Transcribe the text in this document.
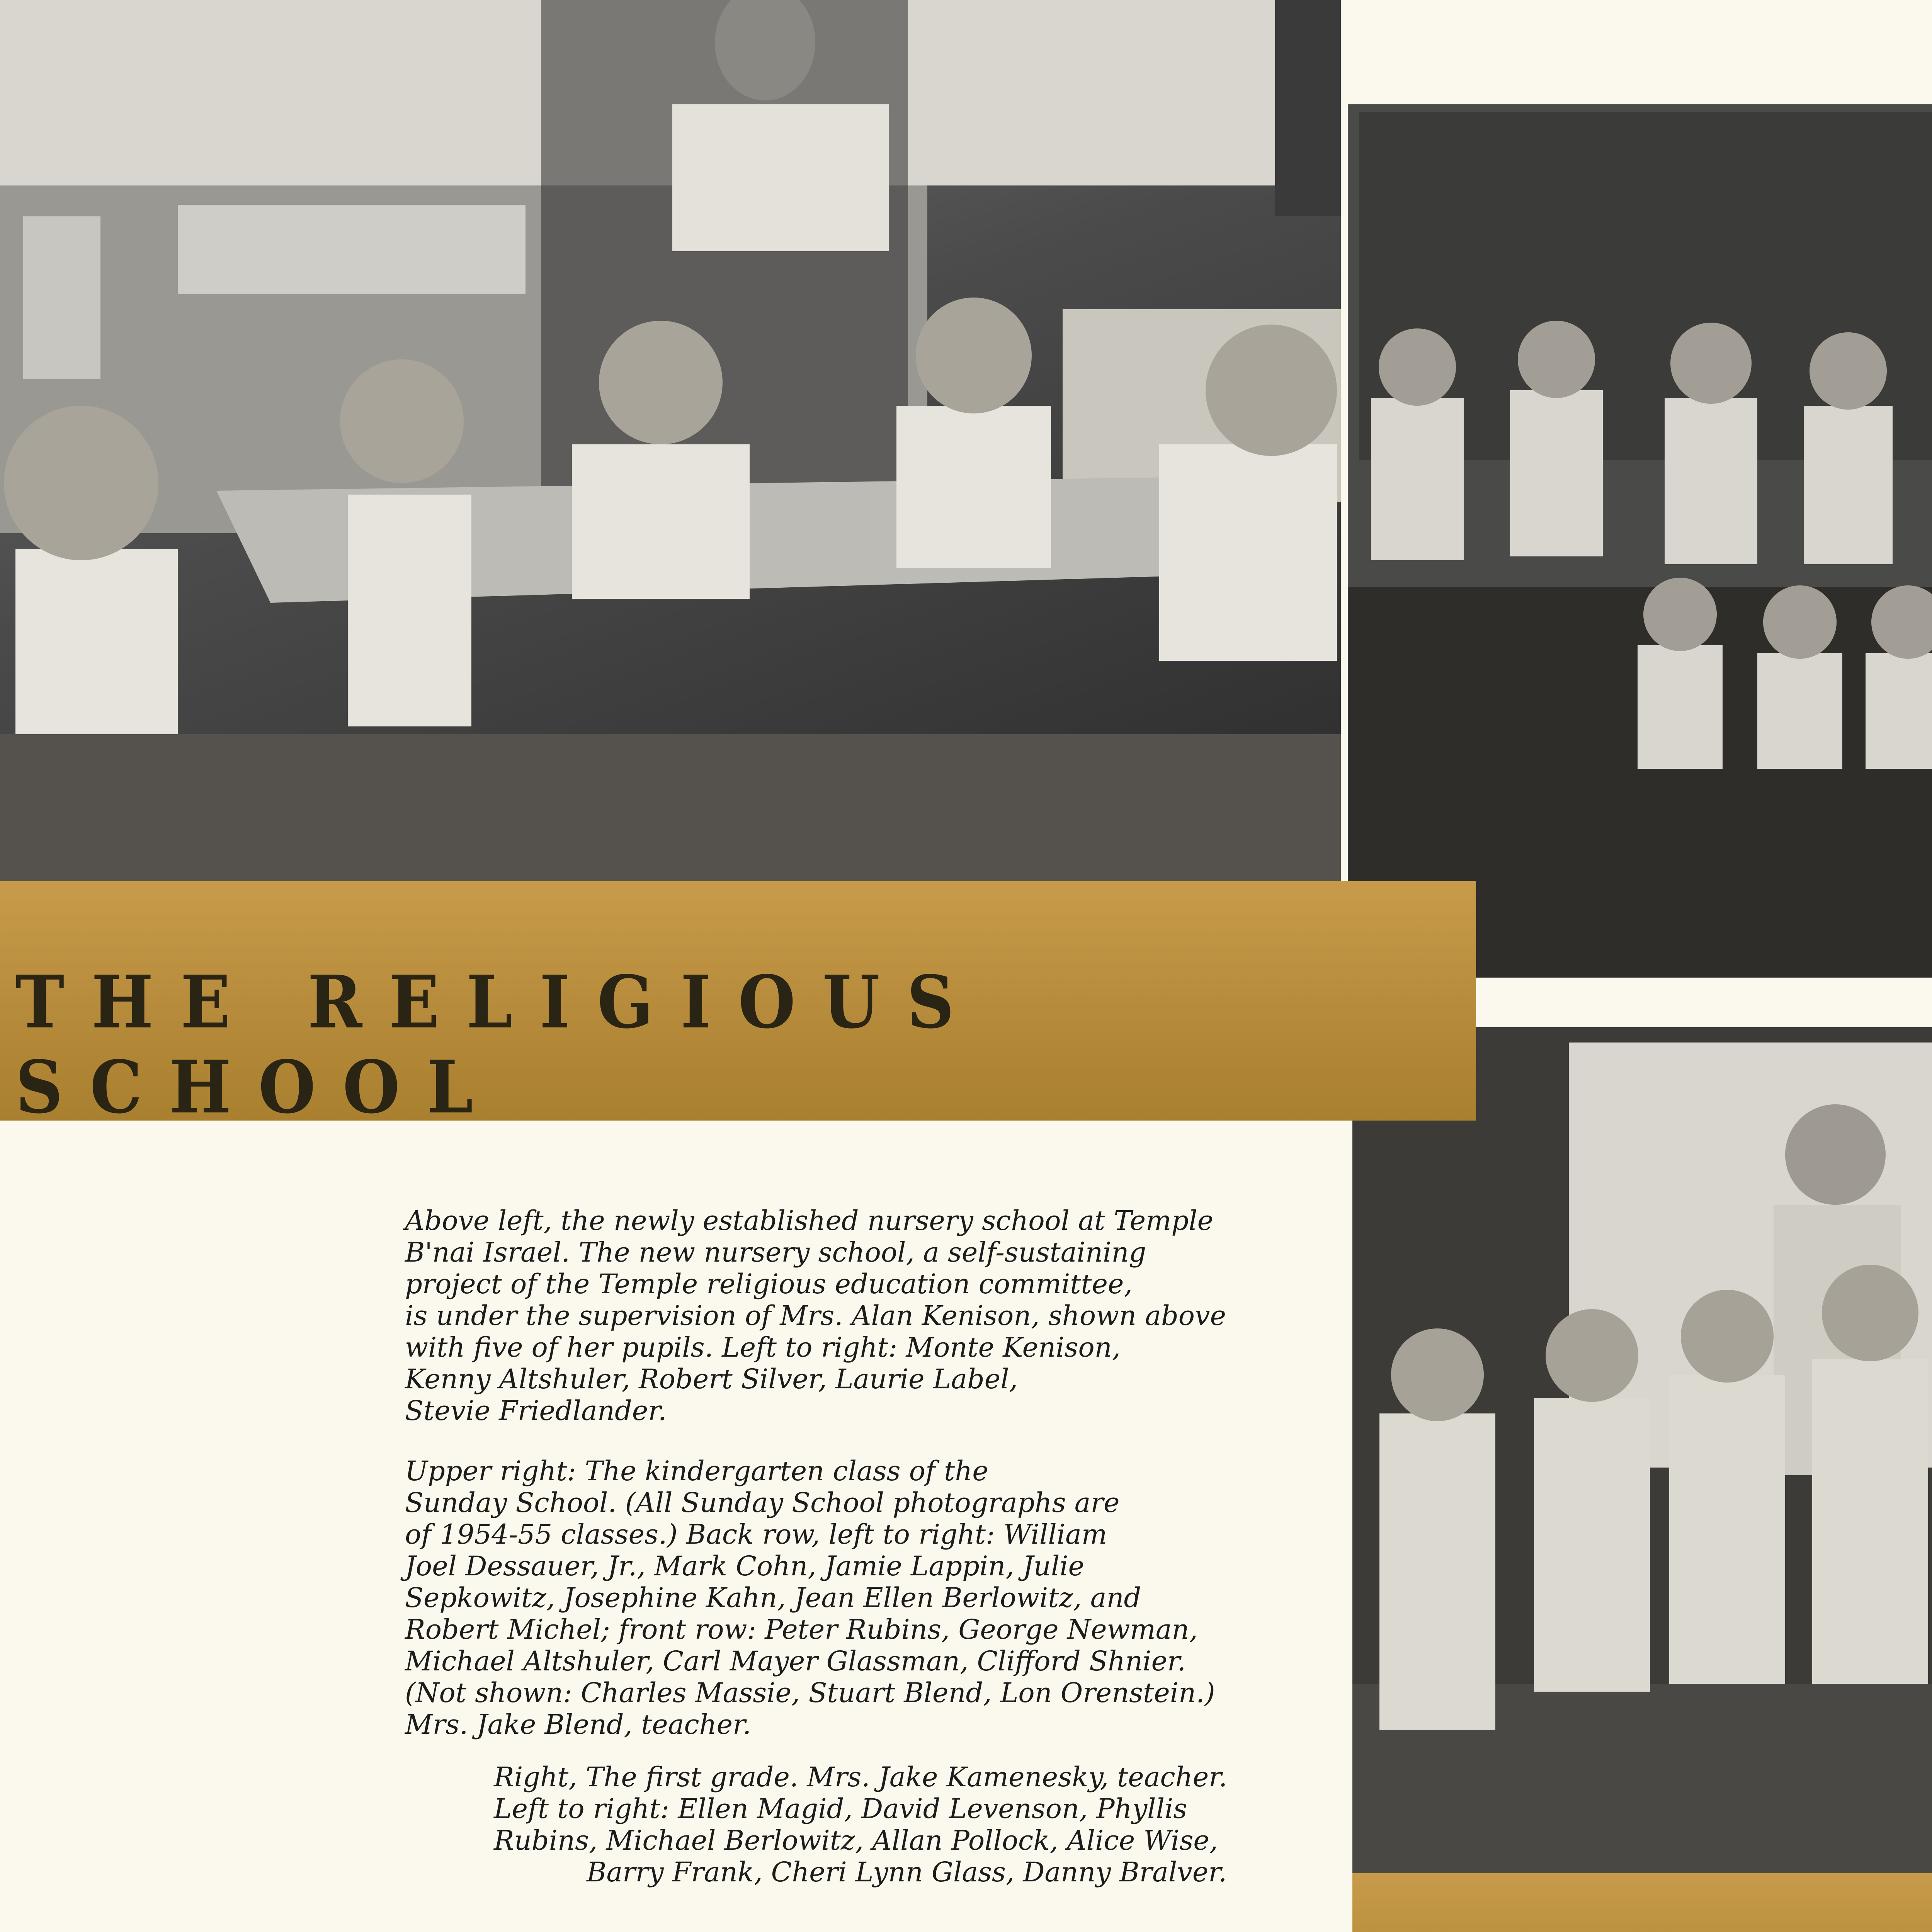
THE RELIGIOUS SCHOOL

Above left, the newly established nursery school at Temple
B'nai Israel. The new nursery school, a self-sustaining
project of the Temple religious education committee,
is under the supervision of Mrs. Alan Kenison, shown above
with five of her pupils. Left to right: Monte Kenison,
Kenny Altshuler, Robert Silver, Laurie Label,
Stevie Friedlander.

Upper right: The kindergarten class of the
Sunday School. (All Sunday School photographs are
of 1954-55 classes.) Back row, left to right: William
Joel Dessauer, Jr., Mark Cohn, Jamie Lappin, Julie
Sepkowitz, Josephine Kahn, Jean Ellen Berlowitz, and
Robert Michel; front row: Peter Rubins, George Newman,
Michael Altshuler, Carl Mayer Glassman, Clifford Shnier.
(Not shown: Charles Massie, Stuart Blend, Lon Orenstein.)
Mrs. Jake Blend, teacher.

Right, The first grade. Mrs. Jake Kamenesky, teacher.
Left to right: Ellen Magid, David Levenson, Phyllis
Rubins, Michael Berlowitz, Allan Pollock, Alice Wise,
Barry Frank, Cheri Lynn Glass, Danny Bralver.
